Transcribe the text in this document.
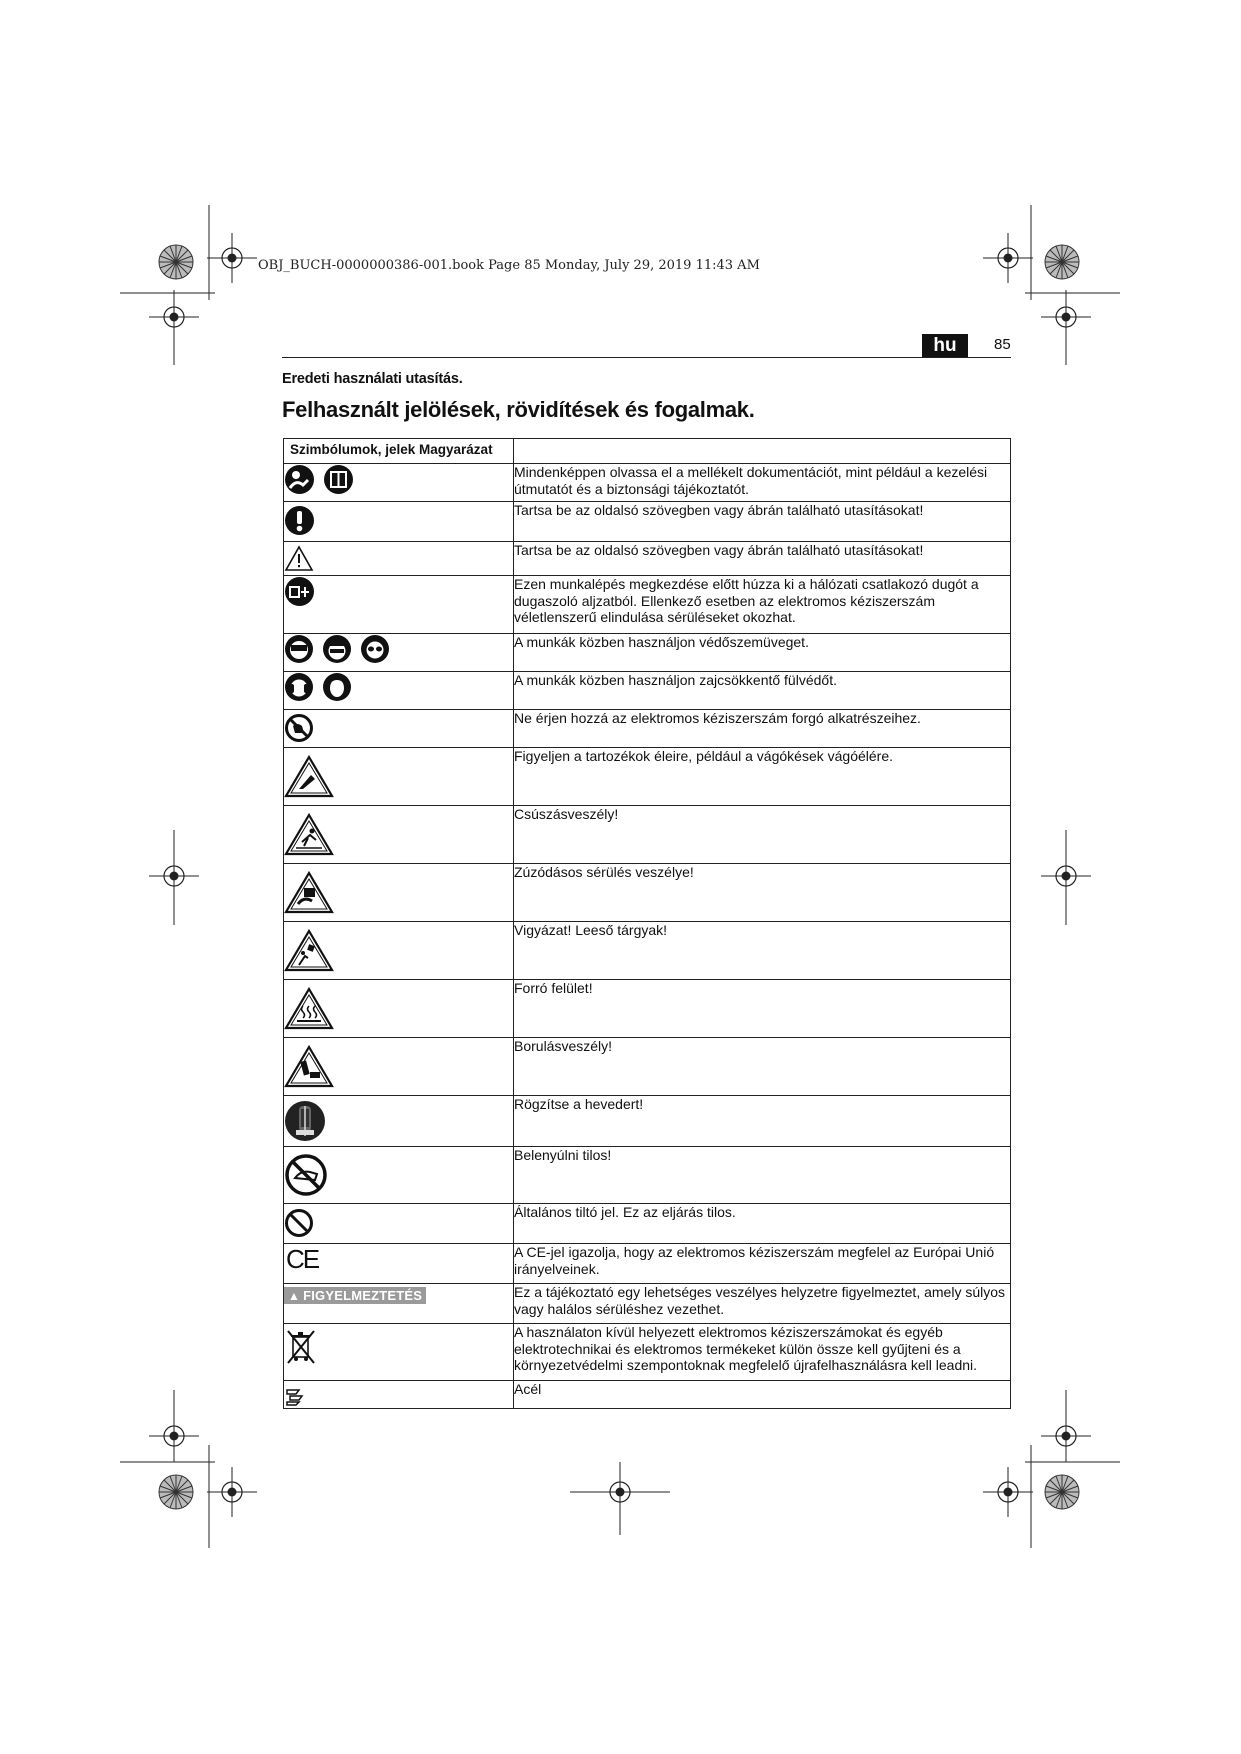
OBJ_BUCH-0000000386-001.book Page 85 Monday, July 29, 2019 11:43 AM
hu	85
Eredeti használati utasítás.
Felhasznált jelölések, rövidítések és fogalmak.
Szimbólumok, jelek Magyarázat	

	Mindenképpen olvassa el a mellékelt dokumentációt, mint például a kezelési útmutatót és a biztonsági tájékoztatót.

	Tartsa be az oldalsó szövegben vagy ábrán található utasításokat!

	Tartsa be az oldalsó szövegben vagy ábrán található utasításokat!

	Ezen munkalépés megkezdése előtt húzza ki a hálózati csatlakozó dugót a dugaszoló aljzatból. Ellenkező esetben az elektromos kéziszerszám véletlenszerű elindulása sérüléseket okozhat.

	A munkák közben használjon védőszemüveget.

	A munkák közben használjon zajcsökkentő fülvédőt.

	Ne érjen hozzá az elektromos kéziszerszám forgó alkatrészeihez.

	Figyeljen a tartozékok éleire, például a vágókések vágóélére.

	Csúszásveszély!

	Zúzódásos sérülés veszélye!

	Vigyázat! Leeső tárgyak!

	Forró felület!

	Borulásveszély!

	Rögzítse a hevedert!

	Belenyúlni tilos!

	Általános tiltó jel. Ez az eljárás tilos.
CE	A CE-jel igazolja, hogy az elektromos kéziszerszám megfelel az Európai Unió irányelveinek.
▲ FIGYELMEZTETÉS	Ez a tájékoztató egy lehetséges veszélyes helyzetre figyelmeztet, amely súlyos vagy halálos sérüléshez vezethet.

	A használaton kívül helyezett elektromos kéziszerszámokat és egyéb elektrotechnikai és elektromos termékeket külön össze kell gyűjteni és a környezetvédelmi szempontoknak megfelelő újrafelhasználásra kell leadni.

	Acél
